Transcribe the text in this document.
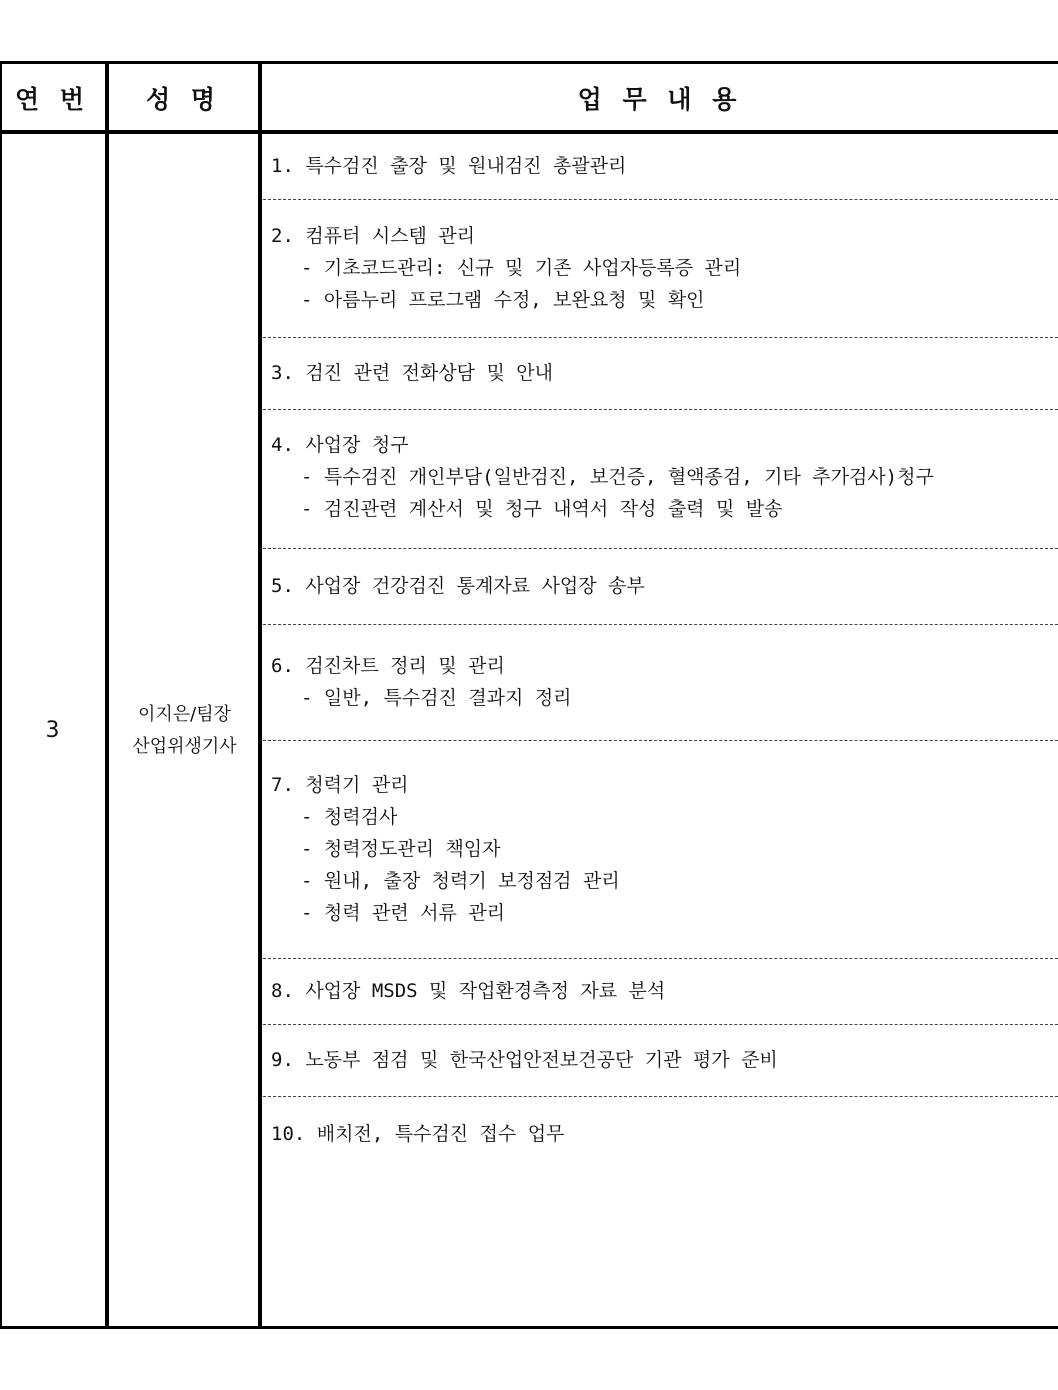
연 번	성 명	업 무 내 용
3
이지은/팀장
산업위생기사
1. 특수검진 출장 및 원내검진 총괄관리
2. 컴퓨터 시스템 관리
- 기초코드관리: 신규 및 기존 사업자등록증 관리
- 아름누리 프로그램 수정, 보완요청 및 확인
3. 검진 관련 전화상담 및 안내
4. 사업장 청구
- 특수검진 개인부담(일반검진, 보건증, 혈액종검, 기타 추가검사)청구
- 검진관련 계산서 및 청구 내역서 작성 출력 및 발송
5. 사업장 건강검진 통계자료 사업장 송부
6. 검진차트 정리 및 관리
- 일반, 특수검진 결과지 정리
7. 청력기 관리
- 청력검사
- 청력정도관리 책임자
- 원내, 출장 청력기 보정점검 관리
- 청력 관련 서류 관리
8. 사업장 MSDS 및 작업환경측정 자료 분석
9. 노동부 점검 및 한국산업안전보건공단 기관 평가 준비
10. 배치전, 특수검진 접수 업무
